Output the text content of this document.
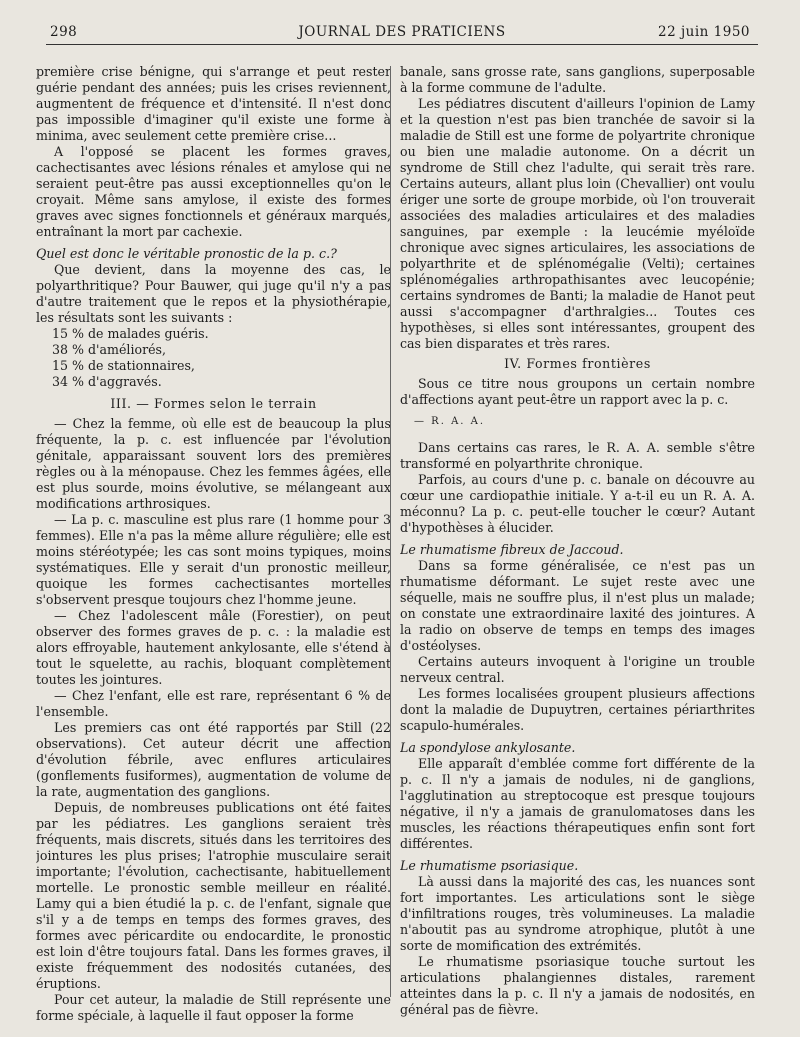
298	JOURNAL DES PRATICIENS	22 juin 1950

première crise bénigne, qui s'arrange et peut rester guérie pendant des années; puis les crises reviennent, augmentent de fréquence et d'intensité. Il n'est donc pas impossible d'imaginer qu'il existe une forme à minima, avec seulement cette première crise...

A l'opposé se placent les formes graves, cachectisantes avec lésions rénales et amylose qui ne seraient peut-être pas aussi exceptionnelles qu'on le croyait. Même sans amylose, il existe des formes graves avec signes fonctionnels et généraux marqués, entraînant la mort par cachexie.

Quel est donc le véritable pronostic de la p. c.?

Que devient, dans la moyenne des cas, le polyarthritique? Pour Bauwer, qui juge qu'il n'y a pas d'autre traitement que le repos et la physiothérapie, les résultats sont les suivants :

15 % de malades guéris.
38 % d'améliorés,
15 % de stationnaires,
34 % d'aggravés.

III. — Formes selon le terrain

— Chez la femme, où elle est de beaucoup la plus fréquente, la p. c. est influencée par l'évolution génitale, apparaissant souvent lors des premières règles ou à la ménopause. Chez les femmes âgées, elle est plus sourde, moins évolutive, se mélangeant aux modifications arthrosiques.

— La p. c. masculine est plus rare (1 homme pour 3 femmes). Elle n'a pas la même allure régulière; elle est moins stéréotypée; les cas sont moins typiques, moins systématiques. Elle y serait d'un pronostic meilleur, quoique les formes cachectisantes mortelles s'observent presque toujours chez l'homme jeune.

— Chez l'adolescent mâle (Forestier), on peut observer des formes graves de p. c. : la maladie est alors effroyable, hautement ankylosante, elle s'étend à tout le squelette, au rachis, bloquant complètement toutes les jointures.

— Chez l'enfant, elle est rare, représentant 6 % de l'ensemble.

Les premiers cas ont été rapportés par Still (22 observations). Cet auteur décrit une affection d'évolution fébrile, avec enflures articulaires (gonflements fusiformes), augmentation de volume de la rate, augmentation des ganglions.

Depuis, de nombreuses publications ont été faites par les pédiatres. Les ganglions seraient très fréquents, mais discrets, situés dans les territoires des jointures les plus prises; l'atrophie musculaire serait importante; l'évolution, cachectisante, habituellement mortelle. Le pronostic semble meilleur en réalité. Lamy qui a bien étudié la p. c. de l'enfant, signale que s'il y a de temps en temps des formes graves, des formes avec péricardite ou endocardite, le pronostic est loin d'être toujours fatal. Dans les formes graves, il existe fréquemment des nodosités cutanées, des éruptions.

Pour cet auteur, la maladie de Still représente une forme spéciale, à laquelle il faut opposer la forme

banale, sans grosse rate, sans ganglions, superposable à la forme commune de l'adulte.

Les pédiatres discutent d'ailleurs l'opinion de Lamy et la question n'est pas bien tranchée de savoir si la maladie de Still est une forme de polyartrite chronique ou bien une maladie autonome. On a décrit un syndrome de Still chez l'adulte, qui serait très rare. Certains auteurs, allant plus loin (Chevallier) ont voulu ériger une sorte de groupe morbide, où l'on trouverait associées des maladies articulaires et des maladies sanguines, par exemple : la leucémie myéloïde chronique avec signes articulaires, les associations de polyarthrite et de splénomégalie (Velti); certaines splénomégalies arthropathisantes avec leucopénie; certains syndromes de Banti; la maladie de Hanot peut aussi s'accompagner d'arthralgies... Toutes ces hypothèses, si elles sont intéressantes, groupent des cas bien disparates et très rares.

IV. Formes frontières

Sous ce titre nous groupons un certain nombre d'affections ayant peut-être un rapport avec la p. c.

— R. A. A.

Dans certains cas rares, le R. A. A. semble s'être transformé en polyarthrite chronique.

Parfois, au cours d'une p. c. banale on découvre au cœur une cardiopathie initiale. Y a-t-il eu un R. A. A. méconnu? La p. c. peut-elle toucher le cœur? Autant d'hypothèses à élucider.

Le rhumatisme fibreux de Jaccoud.

Dans sa forme généralisée, ce n'est pas un rhumatisme déformant. Le sujet reste avec une séquelle, mais ne souffre plus, il n'est plus un malade; on constate une extraordinaire laxité des jointures. A la radio on observe de temps en temps des images d'ostéolyses.

Certains auteurs invoquent à l'origine un trouble nerveux central.

Les formes localisées groupent plusieurs affections dont la maladie de Dupuytren, certaines périarthrites scapulo-humérales.

La spondylose ankylosante.

Elle apparaît d'emblée comme fort différente de la p. c. Il n'y a jamais de nodules, ni de ganglions, l'agglutination au streptocoque est presque toujours négative, il n'y a jamais de granulomatoses dans les muscles, les réactions thérapeutiques enfin sont fort différentes.

Le rhumatisme psoriasique.

Là aussi dans la majorité des cas, les nuances sont fort importantes. Les articulations sont le siège d'infiltrations rouges, très volumineuses. La maladie n'aboutit pas au syndrome atrophique, plutôt à une sorte de momification des extrémités.

Le rhumatisme psoriasique touche surtout les articulations phalangiennes distales, rarement atteintes dans la p. c. Il n'y a jamais de nodosités, en général pas de fièvre.
